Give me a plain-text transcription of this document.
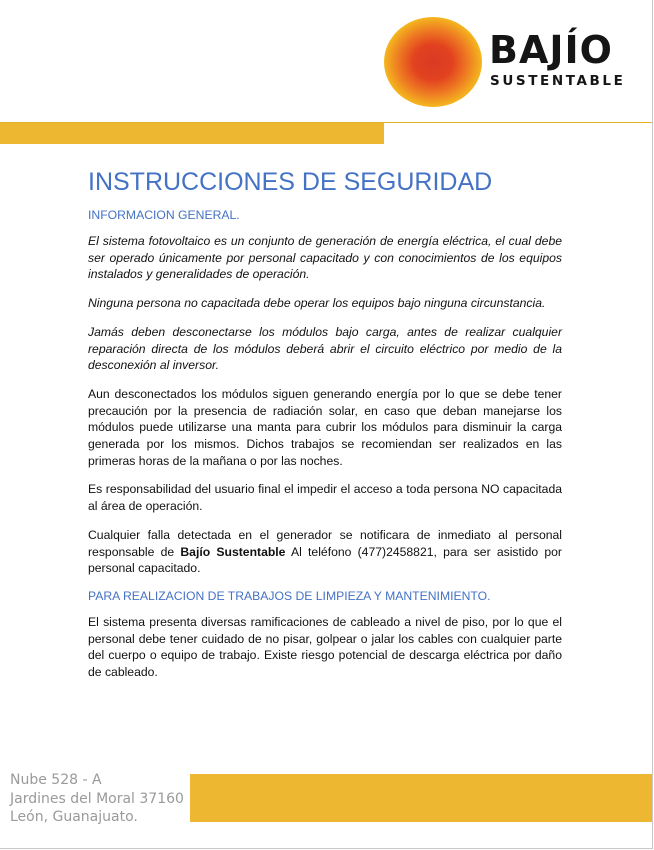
BAJÍO

SUSTENTABLE

INSTRUCCIONES DE SEGURIDAD
INFORMACION GENERAL.

El sistema fotovoltaico es un conjunto de generación de energía eléctrica, el cual debe ser operado únicamente por personal capacitado y con conocimientos de los equipos instalados y generalidades de operación.

Ninguna persona no capacitada debe operar los equipos bajo ninguna circunstancia.

Jamás deben desconectarse los módulos bajo carga, antes de realizar cualquier reparación directa de los módulos deberá abrir el circuito eléctrico por medio de la desconexión al inversor.

Aun desconectados los módulos siguen generando energía por lo que se debe tener precaución por la presencia de radiación solar, en caso que deban manejarse los módulos puede utilizarse una manta para cubrir los módulos para disminuir la carga generada por los mismos. Dichos trabajos se recomiendan ser realizados en las primeras horas de la mañana o por las noches.

Es responsabilidad del usuario final el impedir el acceso a toda persona NO capacitada al área de operación.

Cualquier falla detectada en el generador se notificara de inmediato al personal responsable de Bajío Sustentable Al teléfono (477)2458821, para ser asistido por personal capacitado.

PARA REALIZACION DE TRABAJOS DE LIMPIEZA Y MANTENIMIENTO.

El sistema presenta diversas ramificaciones de cableado a nivel de piso, por lo que el personal debe tener cuidado de no pisar, golpear o jalar los cables con cualquier parte del cuerpo o equipo de trabajo. Existe riesgo potencial de descarga eléctrica por daño de cableado.

Nube 528 - A
Jardines del Moral 37160
León, Guanajuato.
